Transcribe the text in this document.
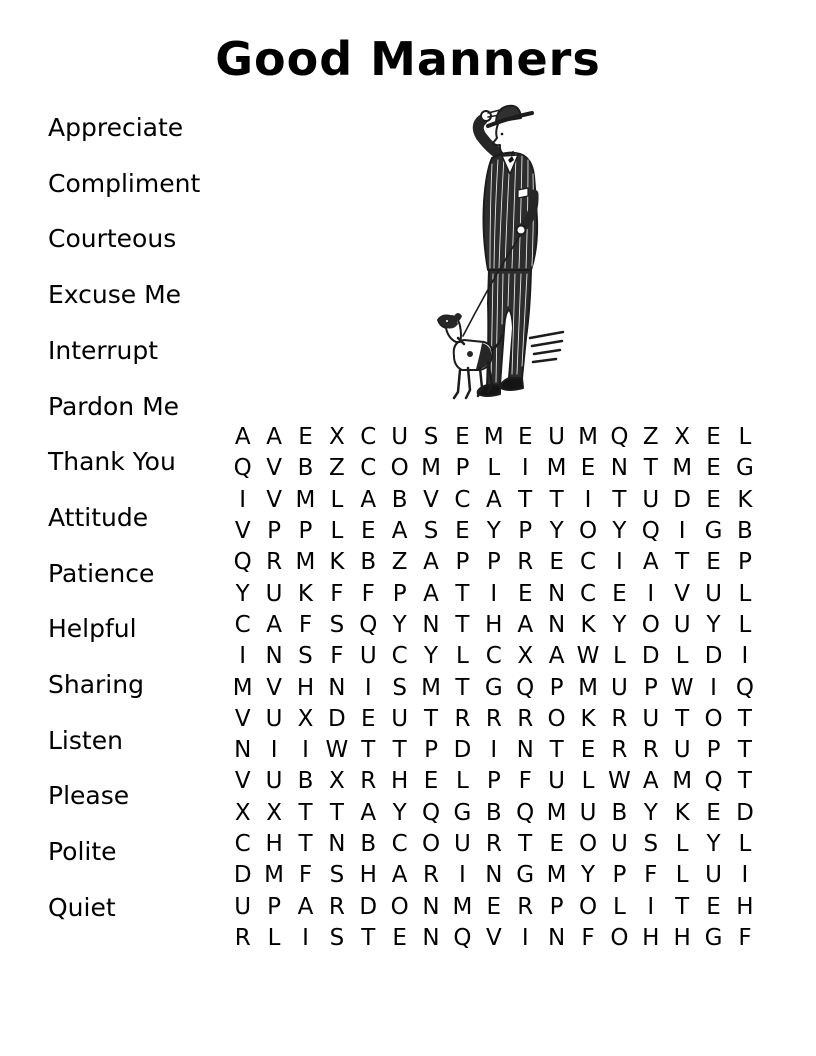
Good Manners
Appreciate
Compliment
Courteous
Excuse Me
Interrupt
Pardon Me
Thank You
Attitude
Patience
Helpful
Sharing
Listen
Please
Polite
Quiet
A A E X C U S E M E U M Q Z X E L
Q V B Z C O M P L I M E N T M E G
I V M L A B V C A T T I T U D E K
V P P L E A S E Y P Y O Y Q I G B
Q R M K B Z A P P R E C I A T E P
Y U K F F P A T I E N C E I V U L
C A F S Q Y N T H A N K Y O U Y L
I N S F U C Y L C X A W L D L D I
M V H N I S M T G Q P M U P W I Q
V U X D E U T R R R O K R U T O T
N I	I W T T P D I N T E R R U P T
V U B X R H E L P F U L W A M Q T
X X T T A Y Q G B Q M U B Y K E D
C H T N B C O U R T E O U S L Y L
D M F S H A R I N G M Y P F L U I
U P A R D O N M E R P O L I T E H
R L I S T E N Q V I N F O H H G F
